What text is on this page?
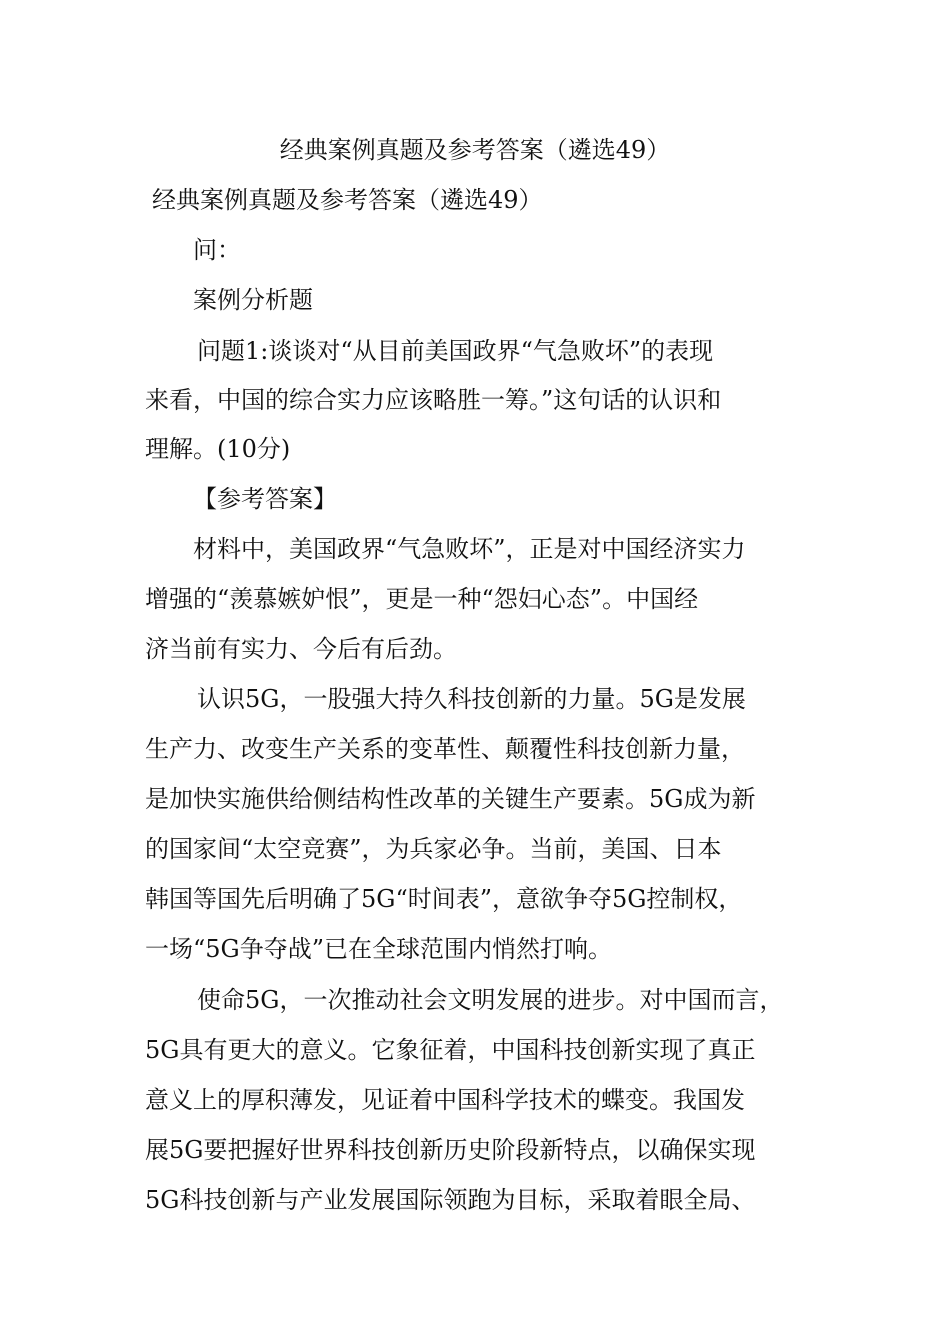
经典案例真题及参考答案（遴选49）
经典案例真题及参考答案（遴选49）
问：
案例分析题
问题1:谈谈对“从目前美国政界“气急败坏”的表现
来看，中国的综合实力应该略胜一筹。”这句话的认识和
理解。(10分)
【参考答案】
材料中，美国政界“气急败坏”，正是对中国经济实力
增强的“羡慕嫉妒恨”，更是一种“怨妇心态”。中国经
济当前有实力、今后有后劲。
认识5G，一股强大持久科技创新的力量。5G是发展
生产力、改变生产关系的变革性、颠覆性科技创新力量，
是加快实施供给侧结构性改革的关键生产要素。5G成为新
的国家间“太空竞赛”，为兵家必争。当前，美国、日本
韩国等国先后明确了5G“时间表”，意欲争夺5G控制权，
一场“5G争夺战”已在全球范围内悄然打响。
使命5G，一次推动社会文明发展的进步。对中国而言，
5G具有更大的意义。它象征着，中国科技创新实现了真正
意义上的厚积薄发，见证着中国科学技术的蝶变。我国发
展5G要把握好世界科技创新历史阶段新特点，以确保实现
5G科技创新与产业发展国际领跑为目标，采取着眼全局、
